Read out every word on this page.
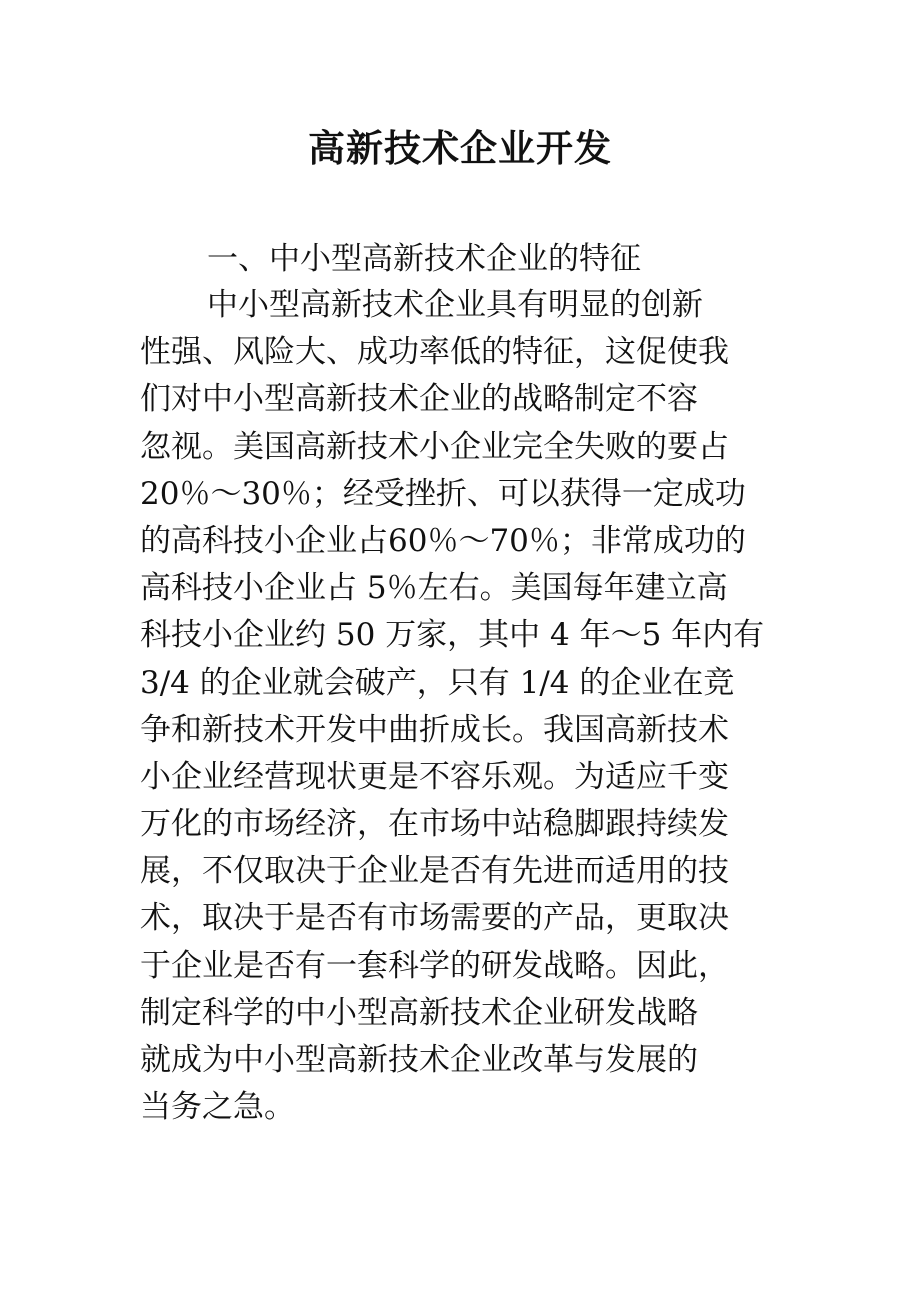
高新技术企业开发
一、中小型高新技术企业的特征
中小型高新技术企业具有明显的创新
性强、风险大、成功率低的特征，这促使我
们对中小型高新技术企业的战略制定不容
忽视。美国高新技术小企业完全失败的要占
20％～30％；经受挫折、可以获得一定成功
的高科技小企业占60％～70％；非常成功的
高科技小企业占 5％左右。美国每年建立高
科技小企业约 50 万家，其中 4 年～5 年内有
3/4 的企业就会破产，只有 1/4 的企业在竞
争和新技术开发中曲折成长。我国高新技术
小企业经营现状更是不容乐观。为适应千变
万化的市场经济，在市场中站稳脚跟持续发
展，不仅取决于企业是否有先进而适用的技
术，取决于是否有市场需要的产品，更取决
于企业是否有一套科学的研发战略。因此，
制定科学的中小型高新技术企业研发战略
就成为中小型高新技术企业改革与发展的
当务之急。
